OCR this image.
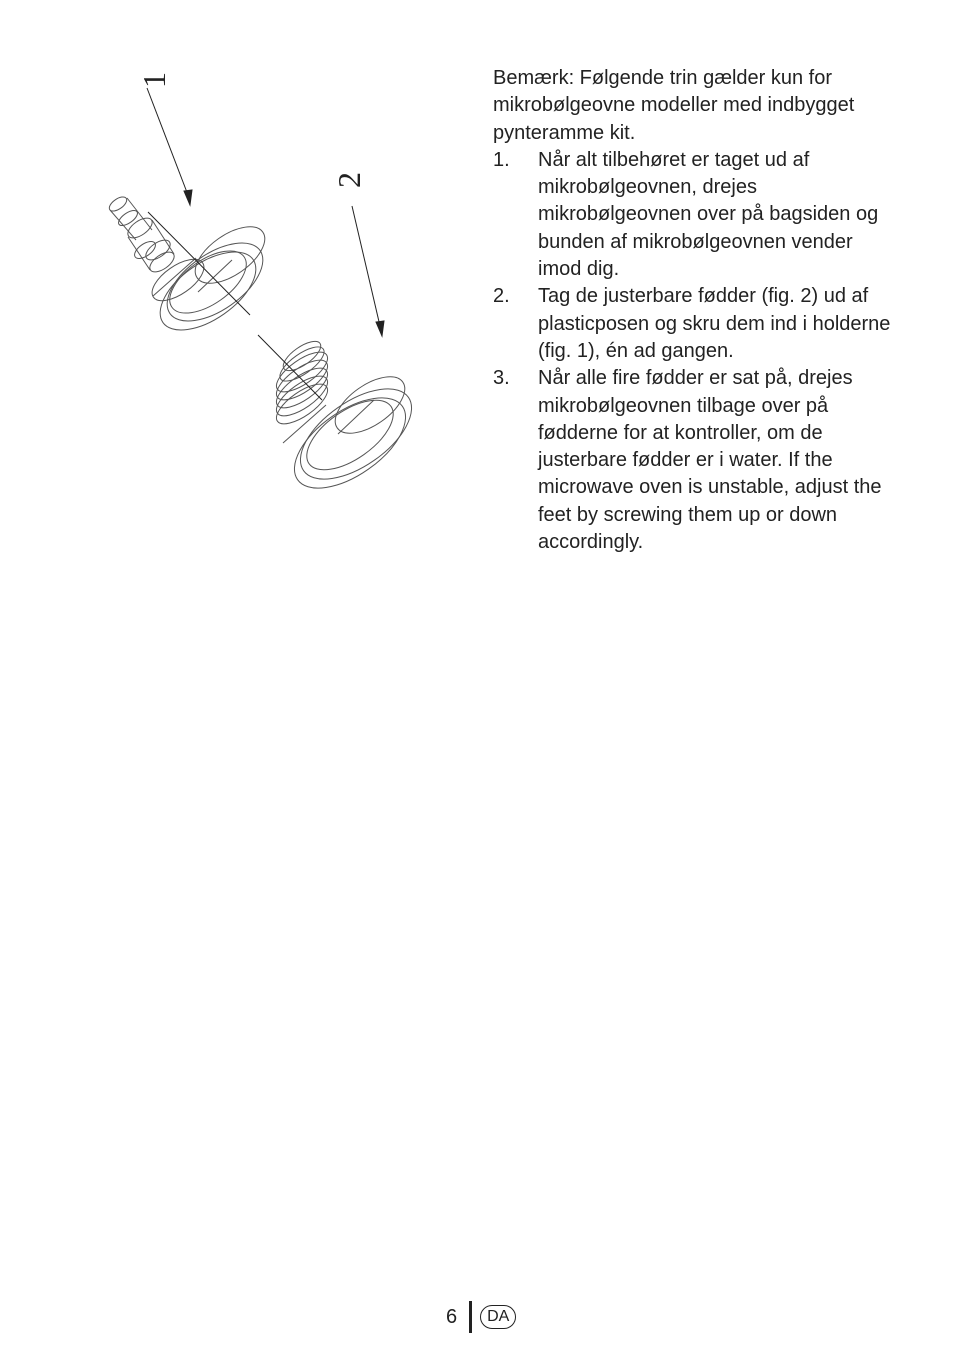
1
2

Bemærk: Følgende trin gælder kun for mikrobølgeovne modeller med indbygget pynteramme kit.

1. Når alt tilbehøret er taget ud af mikrobølgeovnen, drejes mikrobølgeovnen over på bagsiden og bunden af mikrobølgeovnen vender imod dig.
2. Tag de justerbare fødder (fig. 2) ud af plasticposen og skru dem ind i holderne (fig. 1), én ad gangen.
3. Når alle fire fødder er sat på, drejes mikrobølgeovnen tilbage over på fødderne for at kontroller, om de justerbare fødder er i water. If the microwave oven is unstable, adjust the feet by screwing them up or down accordingly.
6	DA
